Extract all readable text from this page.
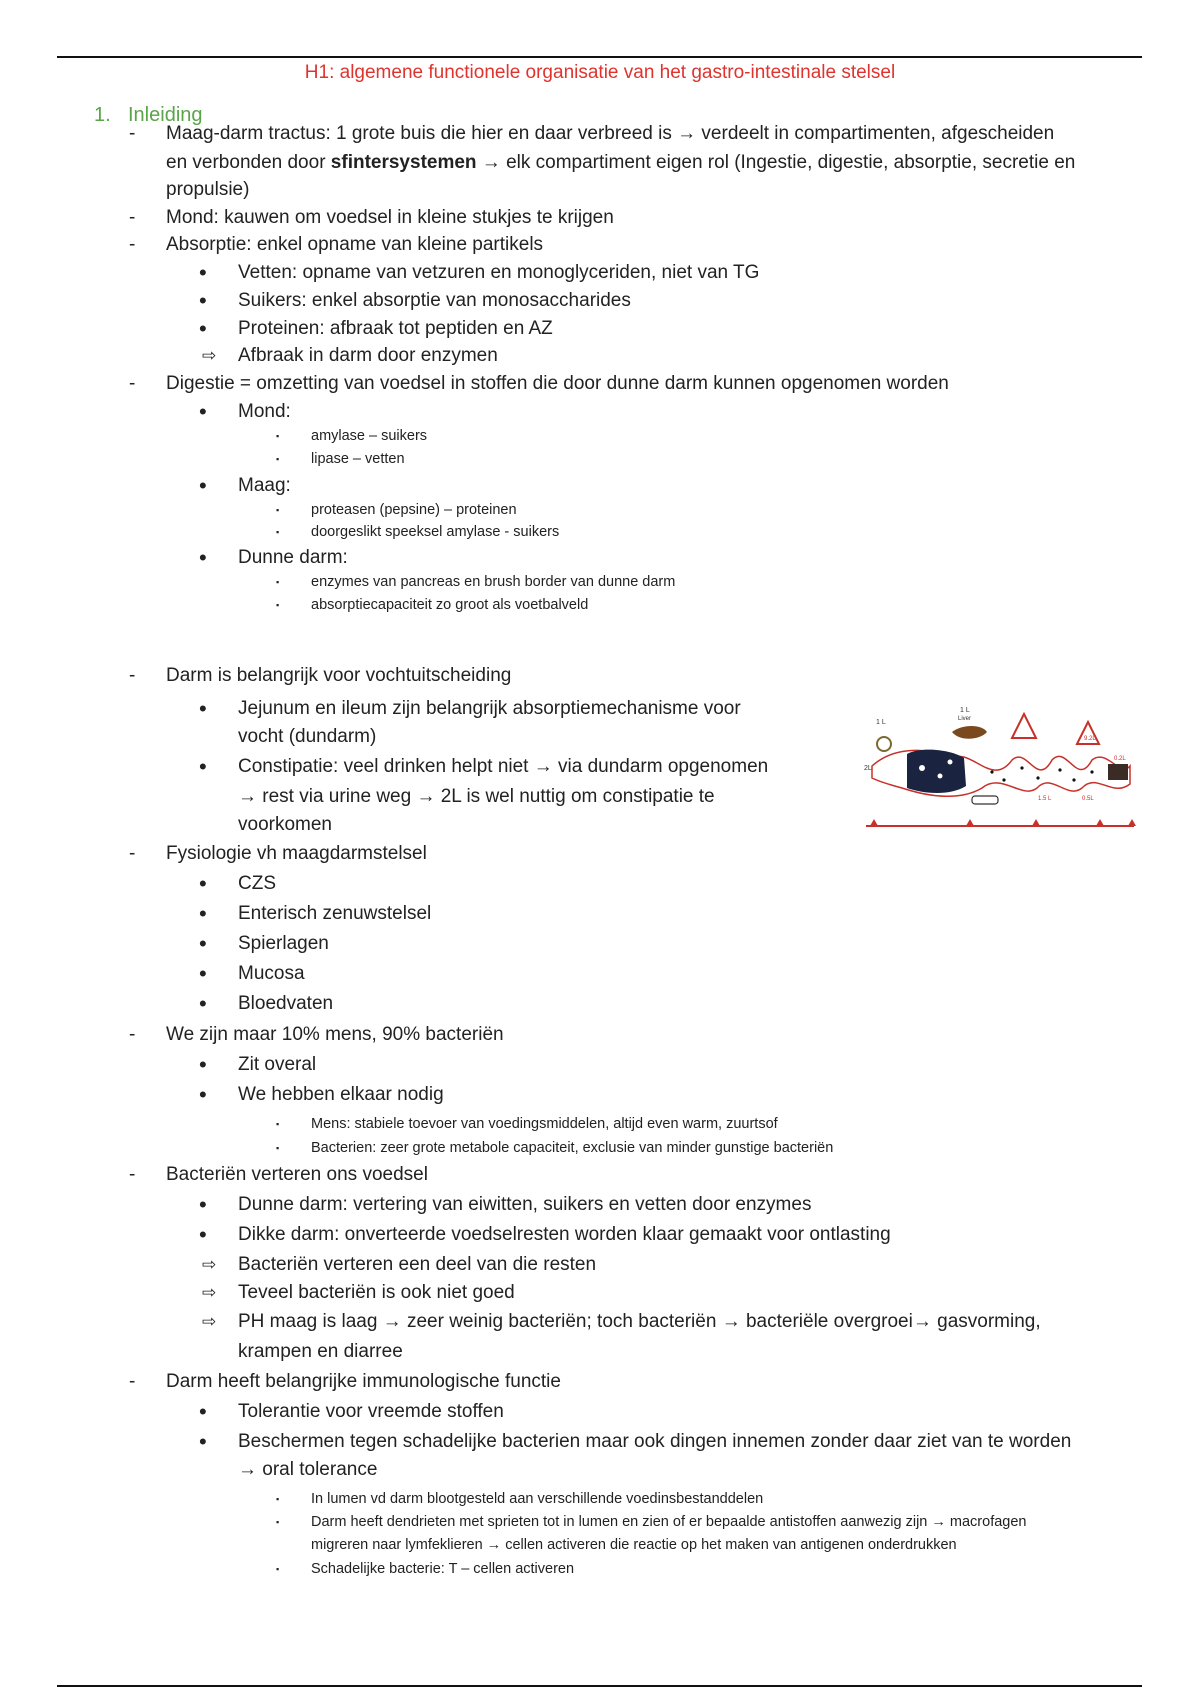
H1: algemene functionele organisatie van het gastro-intestinale stelsel
1. Inleiding
- Maag-darm tractus: 1 grote buis die hier en daar verbreed is → verdeelt in compartimenten, afgescheiden
en verbonden door sfintersystemen → elk compartiment eigen rol (Ingestie, digestie, absorptie, secretie en
propulsie)
- Mond: kauwen om voedsel in kleine stukjes te krijgen
- Absorptie: enkel opname van kleine partikels
• Vetten: opname van vetzuren en monoglyceriden, niet van TG
• Suikers: enkel absorptie van monosaccharides
• Proteinen: afbraak tot peptiden en AZ
⇨ Afbraak in darm door enzymen
- Digestie = omzetting van voedsel in stoffen die door dunne darm kunnen opgenomen worden
• Mond:
▪ amylase – suikers
▪ lipase – vetten
• Maag:
▪ proteasen (pepsine) – proteinen
▪ doorgeslikt speeksel amylase - suikers
• Dunne darm:
▪ enzymes van pancreas en brush border van dunne darm
▪ absorptiecapaciteit zo groot als voetbalveld
- Darm is belangrijk voor vochtuitscheiding
• Jejunum en ileum zijn belangrijk absorptiemechanisme voor
vocht (dundarm)
• Constipatie: veel drinken helpt niet → via dundarm opgenomen
→ rest via urine weg → 2L is wel nuttig om constipatie te
voorkomen
1 L
1 L
Liver
2L
9.2L
0.2L
1.5 L	0.5L
- Fysiologie vh maagdarmstelsel
• CZS
• Enterisch zenuwstelsel
• Spierlagen
• Mucosa
• Bloedvaten
- We zijn maar 10% mens, 90% bacteriën
• Zit overal
• We hebben elkaar nodig
▪ Mens: stabiele toevoer van voedingsmiddelen, altijd even warm, zuurtsof
▪ Bacterien: zeer grote metabole capaciteit, exclusie van minder gunstige bacteriën
- Bacteriën verteren ons voedsel
• Dunne darm: vertering van eiwitten, suikers en vetten door enzymes
• Dikke darm: onverteerde voedselresten worden klaar gemaakt voor ontlasting
⇨ Bacteriën verteren een deel van die resten
⇨ Teveel bacteriën is ook niet goed
⇨ PH maag is laag → zeer weinig bacteriën; toch bacteriën → bacteriële overgroei→ gasvorming,
krampen en diarree
- Darm heeft belangrijke immunologische functie
• Tolerantie voor vreemde stoffen
• Beschermen tegen schadelijke bacterien maar ook dingen innemen zonder daar ziet van te worden
→ oral tolerance
▪ In lumen vd darm blootgesteld aan verschillende voedinsbestanddelen
▪ Darm heeft dendrieten met sprieten tot in lumen en zien of er bepaalde antistoffen aanwezig zijn → macrofagen
migreren naar lymfeklieren → cellen activeren die reactie op het maken van antigenen onderdrukken
▪ Schadelijke bacterie: T – cellen activeren
